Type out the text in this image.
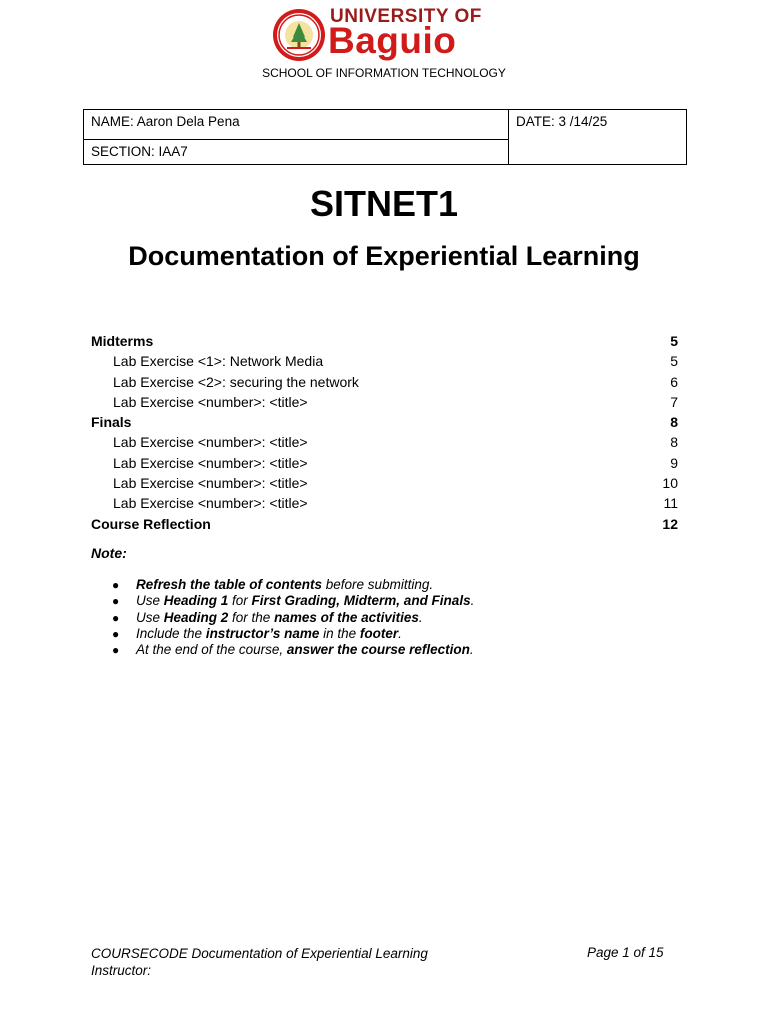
UNIVERSITY OF
Baguio
SCHOOL OF INFORMATION TECHNOLOGY
NAME: Aaron Dela Pena	DATE: 3 /14/25
SECTION: IAA7
SITNET1
Documentation of Experiential Learning
Midterms	5
Lab Exercise <1>: Network Media	5
Lab Exercise <2>: securing the network	6
Lab Exercise <number>: <title>	7
Finals	8
Lab Exercise <number>: <title>	8
Lab Exercise <number>: <title>	9
Lab Exercise <number>: <title>	10
Lab Exercise <number>: <title>	11
Course Reflection	12
Note:
● Refresh the table of contents before submitting.
● Use Heading 1 for First Grading, Midterm, and Finals.
● Use Heading 2 for the names of the activities.
● Include the instructor’s name in the footer.
● At the end of the course, answer the course reflection.
COURSECODE Documentation of Experiential Learning
Instructor:
Page 1 of 15
